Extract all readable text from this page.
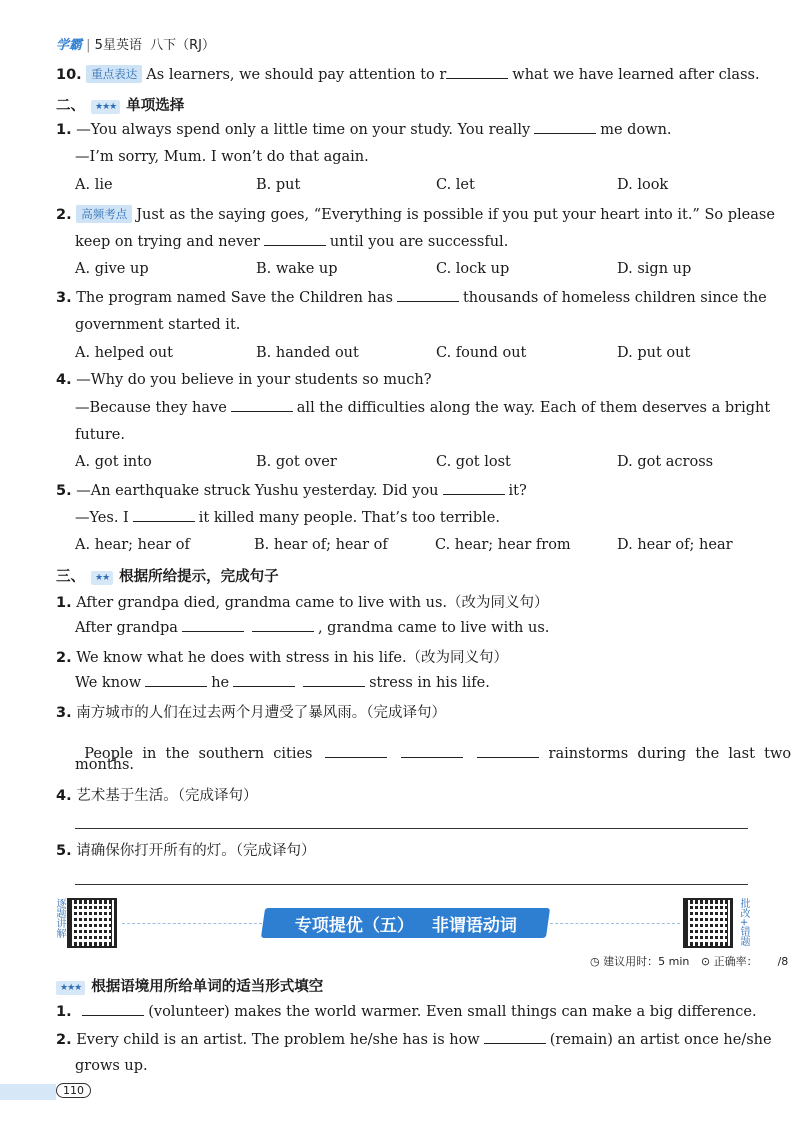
学霸 | 5星英语 八下（RJ）
10. 重点表达 As learners, we should pay attention to r	what we have learned after class.
二、 ★★★ 单项选择
1. —You always spend only a little time on your study. You really	me down.
—I’m sorry, Mum. I won’t do that again.
A. lie	B. put	C. let	D. look
2. 高频考点 Just as the saying goes, “Everything is possible if you put your heart into it.” So please
keep on trying and never	until you are successful.
A. give up	B. wake up	C. lock up	D. sign up
3. The program named Save the Children has	thousands of homeless children since the
government started it.
A. helped out	B. handed out	C. found out	D. put out
4. —Why do you believe in your students so much?
—Because they have	all the difficulties along the way. Each of them deserves a bright
future.
A. got into	B. got over	C. got lost	D. got across
5. —An earthquake struck Yushu yesterday. Did you	it?
—Yes. I	it killed many people. That’s too terrible.
A. hear; hear of	B. hear of; hear of	C. hear; hear from	D. hear of; hear
三、 ★★ 根据所给提示，完成句子
1. After grandpa died, grandma came to live with us.（改为同义句）
After grandpa	, grandma came to live with us.
2. We know what he does with stress in his life.（改为同义句）
We know	he	stress in his life.
3. 南方城市的人们在过去两个月遭受了暴风雨。（完成译句）

People  in  the  southern  cities	rainstorms  during  the  last  two

months.
4. 艺术基于生活。（完成译句）
5. 请确保你打开所有的灯。（完成译句）
逐题讲解	专项提优（五） 非谓语动词	批改+错题
◷ 建议用时：5 min ⊙ 正确率： /8
★★★ 根据语境用所给单词的适当形式填空
1.	(volunteer) makes the world warmer. Even small things can make a big difference.
2. Every child is an artist. The problem he/she has is how	(remain) an artist once he/she
grows up.
110
